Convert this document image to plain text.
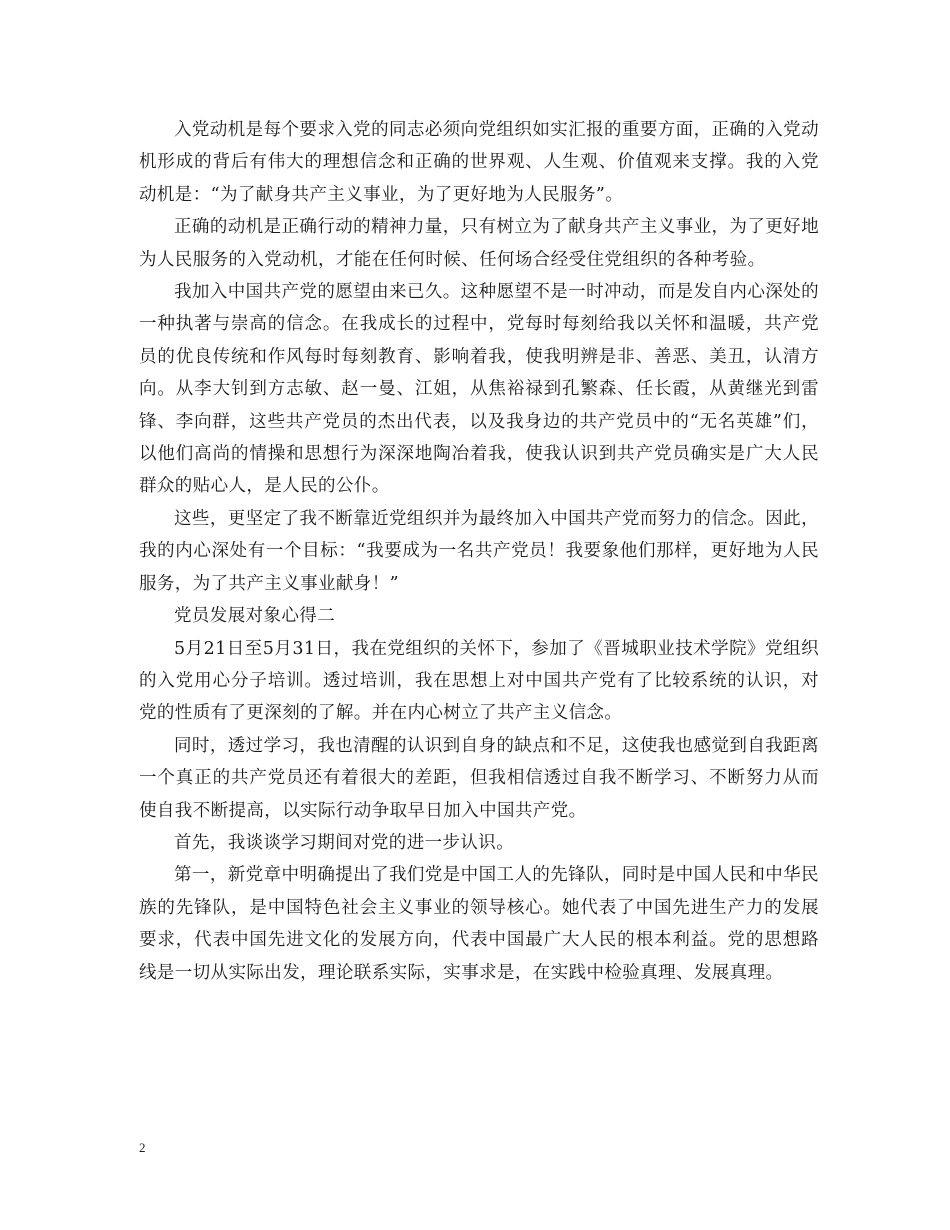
入党动机是每个要求入党的同志必须向党组织如实汇报的重要方面，正确的入党动机形成的背后有伟大的理想信念和正确的世界观、人生观、价值观来支撑。我的入党动机是：“为了献身共产主义事业，为了更好地为人民服务”。

正确的动机是正确行动的精神力量，只有树立为了献身共产主义事业，为了更好地为人民服务的入党动机，才能在任何时候、任何场合经受住党组织的各种考验。

我加入中国共产党的愿望由来已久。这种愿望不是一时冲动，而是发自内心深处的一种执著与崇高的信念。在我成长的过程中，党每时每刻给我以关怀和温暖，共产党员的优良传统和作风每时每刻教育、影响着我，使我明辨是非、善恶、美丑，认清方向。从李大钊到方志敏、赵一曼、江姐，从焦裕禄到孔繁森、任长霞，从黄继光到雷锋、李向群，这些共产党员的杰出代表，以及我身边的共产党员中的“无名英雄”们，以他们高尚的情操和思想行为深深地陶冶着我，使我认识到共产党员确实是广大人民群众的贴心人，是人民的公仆。

这些，更坚定了我不断靠近党组织并为最终加入中国共产党而努力的信念。因此，我的内心深处有一个目标：“我要成为一名共产党员！我要象他们那样，更好地为人民服务，为了共产主义事业献身！”

党员发展对象心得二

5月21日至5月31日，我在党组织的关怀下，参加了《晋城职业技术学院》党组织的入党用心分子培训。透过培训，我在思想上对中国共产党有了比较系统的认识，对党的性质有了更深刻的了解。并在内心树立了共产主义信念。

同时，透过学习，我也清醒的认识到自身的缺点和不足，这使我也感觉到自我距离一个真正的共产党员还有着很大的差距，但我相信透过自我不断学习、不断努力从而使自我不断提高，以实际行动争取早日加入中国共产党。

首先，我谈谈学习期间对党的进一步认识。

第一，新党章中明确提出了我们党是中国工人的先锋队，同时是中国人民和中华民族的先锋队，是中国特色社会主义事业的领导核心。她代表了中国先进生产力的发展要求，代表中国先进文化的发展方向，代表中国最广大人民的根本利益。党的思想路线是一切从实际出发，理论联系实际，实事求是，在实践中检验真理、发展真理。

2
